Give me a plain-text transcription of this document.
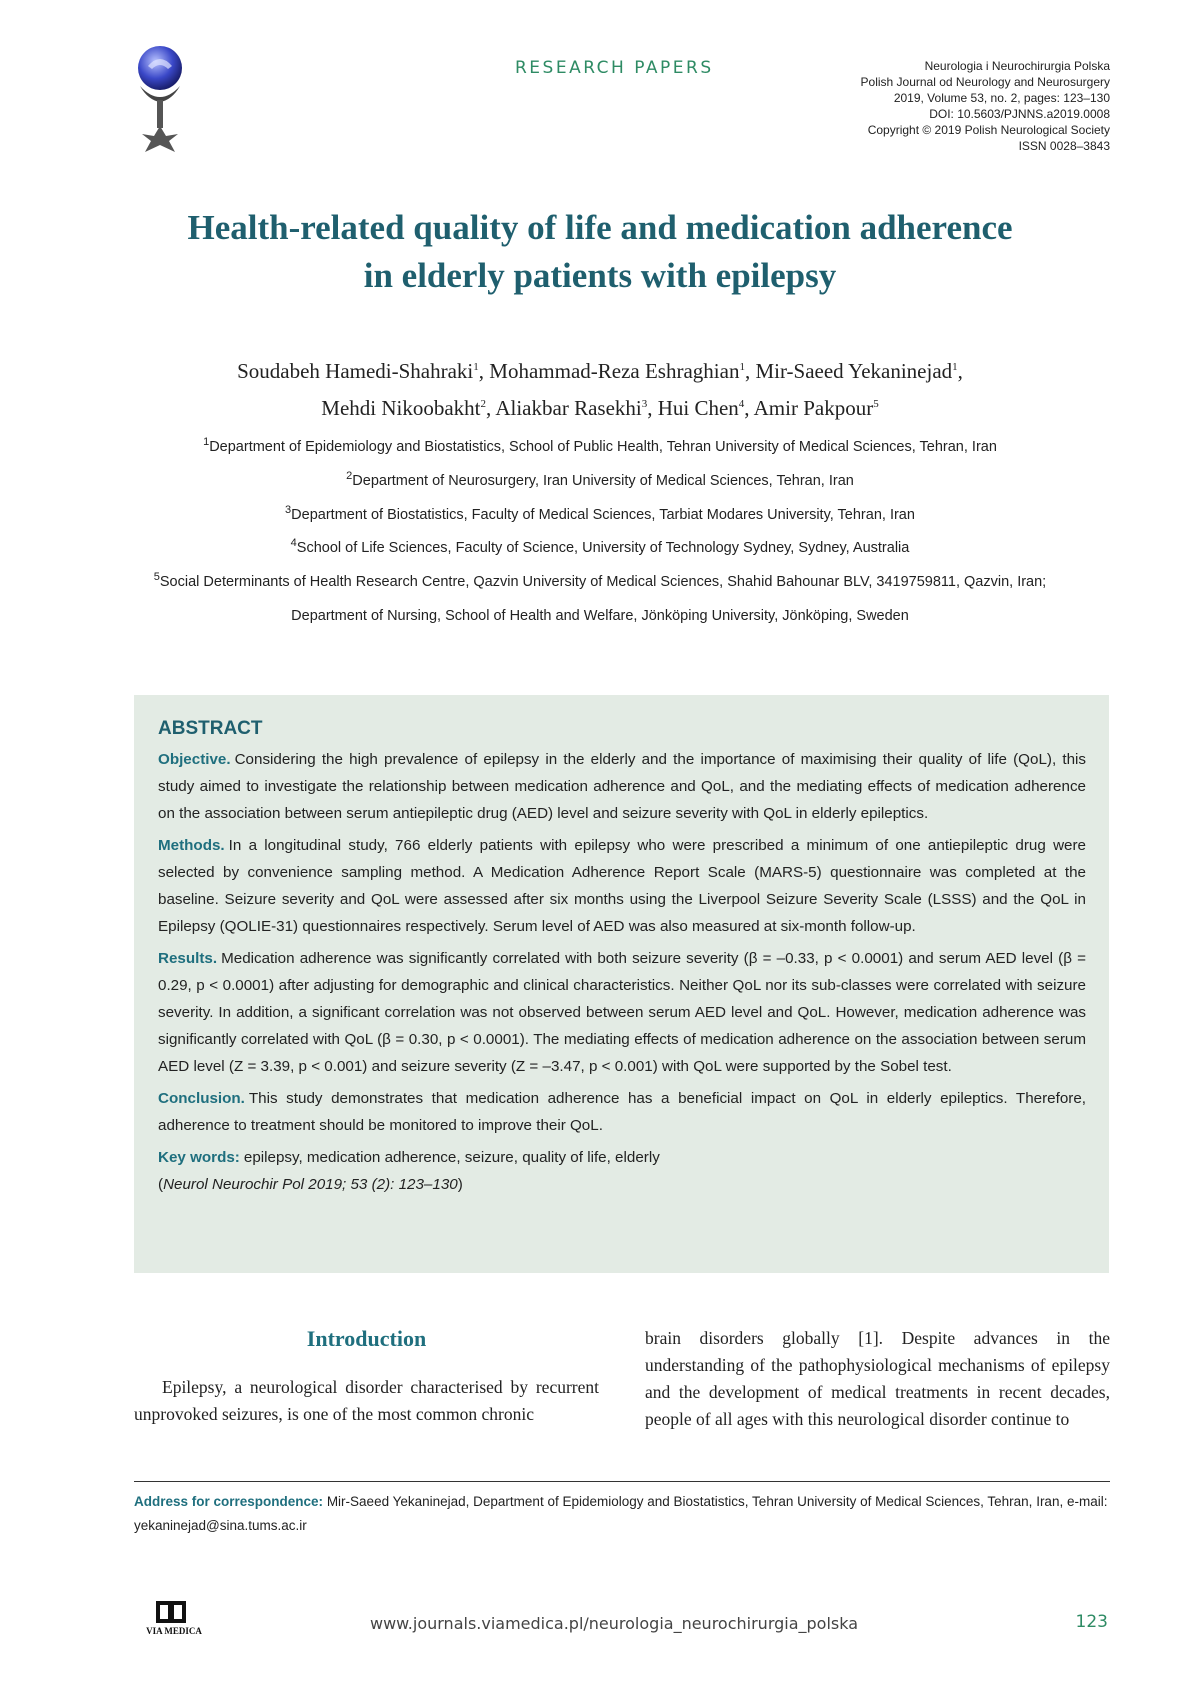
RESEARCH PAPERS	Neurologia i Neurochirurgia Polska
Polish Journal od Neurology and Neurosurgery
2019, Volume 53, no. 2, pages: 123–130
DOI: 10.5603/PJNNS.a2019.0008
Copyright © 2019 Polish Neurological Society
ISSN 0028–3843
Health-related quality of life and medication adherence
in elderly patients with epilepsy
Soudabeh Hamedi-Shahraki$^1$, Mohammad-Reza Eshraghian$^1$, Mir-Saeed Yekaninejad$^1$,
Mehdi Nikoobakht$^2$, Aliakbar Rasekhi$^3$, Hui Chen$^4$, Amir Pakpour$^5$
$^1$Department of Epidemiology and Biostatistics, School of Public Health, Tehran University of Medical Sciences, Tehran, Iran
$^2$Department of Neurosurgery, Iran University of Medical Sciences, Tehran, Iran
$^3$Department of Biostatistics, Faculty of Medical Sciences, Tarbiat Modares University, Tehran, Iran
$^4$School of Life Sciences, Faculty of Science, University of Technology Sydney, Sydney, Australia
$^5$Social Determinants of Health Research Centre, Qazvin University of Medical Sciences, Shahid Bahounar BLV, 3419759811, Qazvin, Iran;
Department of Nursing, School of Health and Welfare, Jönköping University, Jönköping, Sweden
ABSTRACT

Objective. Considering the high prevalence of epilepsy in the elderly and the importance of maximising their quality of life (QoL), this study aimed to investigate the relationship between medication adherence and QoL, and the mediating effects of medication adherence on the association between serum antiepileptic drug (AED) level and seizure severity with QoL in elderly epileptics.

Methods. In a longitudinal study, 766 elderly patients with epilepsy who were prescribed a minimum of one antiepileptic drug were selected by convenience sampling method. A Medication Adherence Report Scale (MARS-5) questionnaire was completed at the baseline. Seizure severity and QoL were assessed after six months using the Liverpool Seizure Severity Scale (LSSS) and the QoL in Epilepsy (QOLIE-31) questionnaires respectively. Serum level of AED was also measured at six-month follow-up.

Results. Medication adherence was significantly correlated with both seizure severity (β = –0.33, p < 0.0001) and serum AED level (β = 0.29, p < 0.0001) after adjusting for demographic and clinical characteristics. Neither QoL nor its sub-classes were correlated with seizure severity. In addition, a significant correlation was not observed between serum AED level and QoL. However, medication adherence was significantly correlated with QoL (β = 0.30, p < 0.0001). The mediating effects of medication adherence on the association between serum AED level (Z = 3.39, p < 0.001) and seizure severity (Z = –3.47, p < 0.001) with QoL were supported by the Sobel test.

Conclusion. This study demonstrates that medication adherence has a beneficial impact on QoL in elderly epileptics. Therefore, adherence to treatment should be monitored to improve their QoL.

Key words: epilepsy, medication adherence, seizure, quality of life, elderly

(Neurol Neurochir Pol 2019; 53 (2): 123–130)

Introduction
Epilepsy, a neurological disorder characterised by recurrent unprovoked seizures, is one of the most common chronic
brain disorders globally [1]. Despite advances in the understanding of the pathophysiological mechanisms of epilepsy and the development of medical treatments in recent decades, people of all ages with this neurological disorder continue to
Address for correspondence: Mir-Saeed Yekaninejad, Department of Epidemiology and Biostatistics, Tehran University of Medical Sciences, Tehran, Iran, e-mail: yekaninejad@sina.tums.ac.ir
VIA MEDICA	www.journals.viamedica.pl/neurologia_neurochirurgia_polska	123
